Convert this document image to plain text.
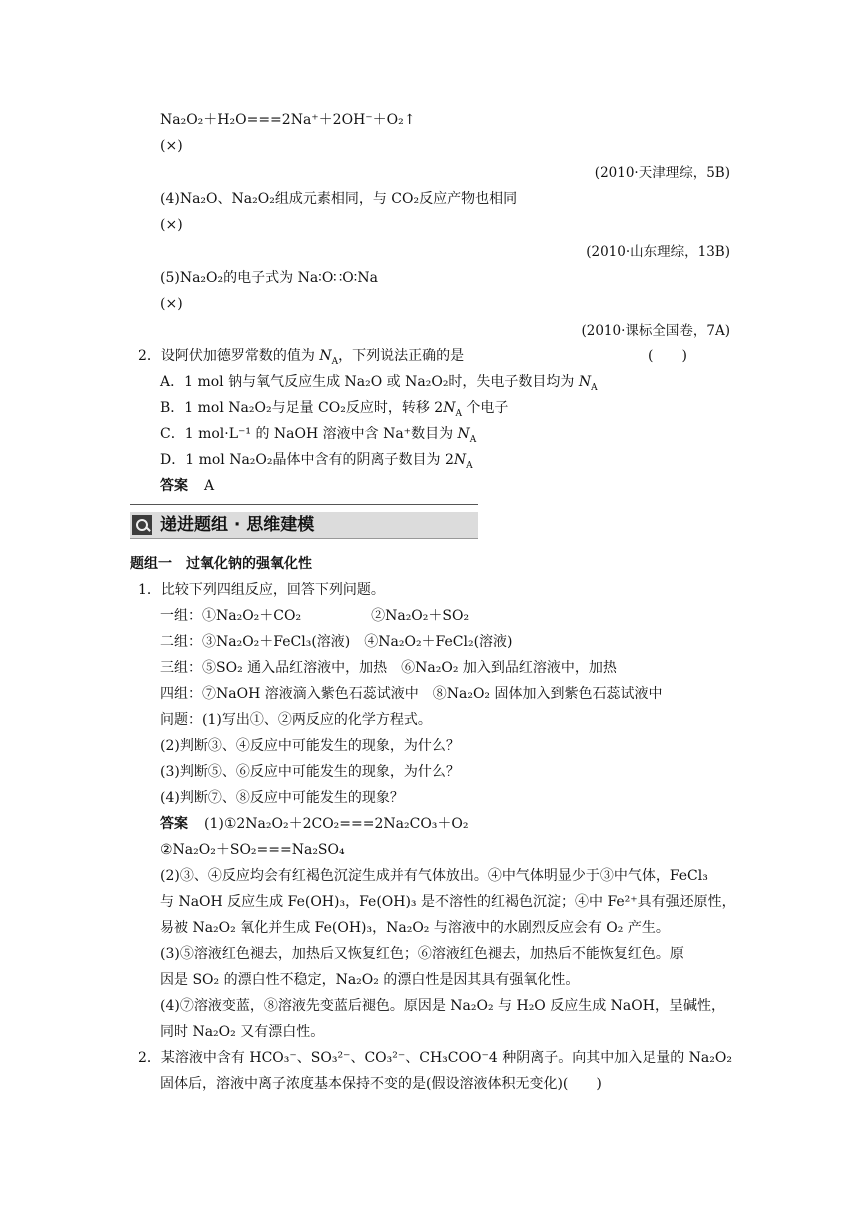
Na₂O₂＋H₂O===2Na⁺＋2OH⁻＋O₂↑
(×)
(2010·天津理综，5B)
(4)Na₂O、Na₂O₂组成元素相同，与 CO₂反应产物也相同
(×)
(2010·山东理综，13B)
(5)Na₂O₂的电子式为 Na∶O∷O∶Na
(×)
(2010·课标全国卷，7A)
2．设阿伏加德罗常数的值为 $N_A$，下列说法正确的是	(　　)
A．1 mol 钠与氧气反应生成 Na₂O 或 Na₂O₂时，失电子数目均为 $N_A$
B．1 mol Na₂O₂与足量 CO₂反应时，转移 $2N_A$ 个电子
C．1 mol·L⁻¹ 的 NaOH 溶液中含 Na⁺数目为 $N_A$
D．1 mol Na₂O₂晶体中含有的阴离子数目为 $2N_A$
答案 A
递进题组 · 思维建模
题组一　过氧化钠的强氧化性
1．比较下列四组反应，回答下列问题。
一组：①Na₂O₂＋CO₂　　　　　②Na₂O₂＋SO₂
二组：③Na₂O₂＋FeCl₃(溶液)　④Na₂O₂＋FeCl₂(溶液)
三组：⑤SO₂ 通入品红溶液中，加热　⑥Na₂O₂ 加入到品红溶液中，加热
四组：⑦NaOH 溶液滴入紫色石蕊试液中　⑧Na₂O₂ 固体加入到紫色石蕊试液中
问题：(1)写出①、②两反应的化学方程式。
(2)判断③、④反应中可能发生的现象，为什么？
(3)判断⑤、⑥反应中可能发生的现象，为什么？
(4)判断⑦、⑧反应中可能发生的现象？
答案 (1)①2Na₂O₂＋2CO₂===2Na₂CO₃＋O₂
②Na₂O₂＋SO₂===Na₂SO₄
(2)③、④反应均会有红褐色沉淀生成并有气体放出。④中气体明显少于③中气体，FeCl₃
与 NaOH 反应生成 Fe(OH)₃，Fe(OH)₃ 是不溶性的红褐色沉淀；④中 Fe²⁺具有强还原性，
易被 Na₂O₂ 氧化并生成 Fe(OH)₃，Na₂O₂ 与溶液中的水剧烈反应会有 O₂ 产生。
(3)⑤溶液红色褪去，加热后又恢复红色；⑥溶液红色褪去，加热后不能恢复红色。原
因是 SO₂ 的漂白性不稳定，Na₂O₂ 的漂白性是因其具有强氧化性。
(4)⑦溶液变蓝，⑧溶液先变蓝后褪色。原因是 Na₂O₂ 与 H₂O 反应生成 NaOH，呈碱性，
同时 Na₂O₂ 又有漂白性。
2．某溶液中含有 HCO₃⁻、SO₃²⁻、CO₃²⁻、CH₃COO⁻4 种阴离子。向其中加入足量的 Na₂O₂
固体后，溶液中离子浓度基本保持不变的是(假设溶液体积无变化)(　　)
